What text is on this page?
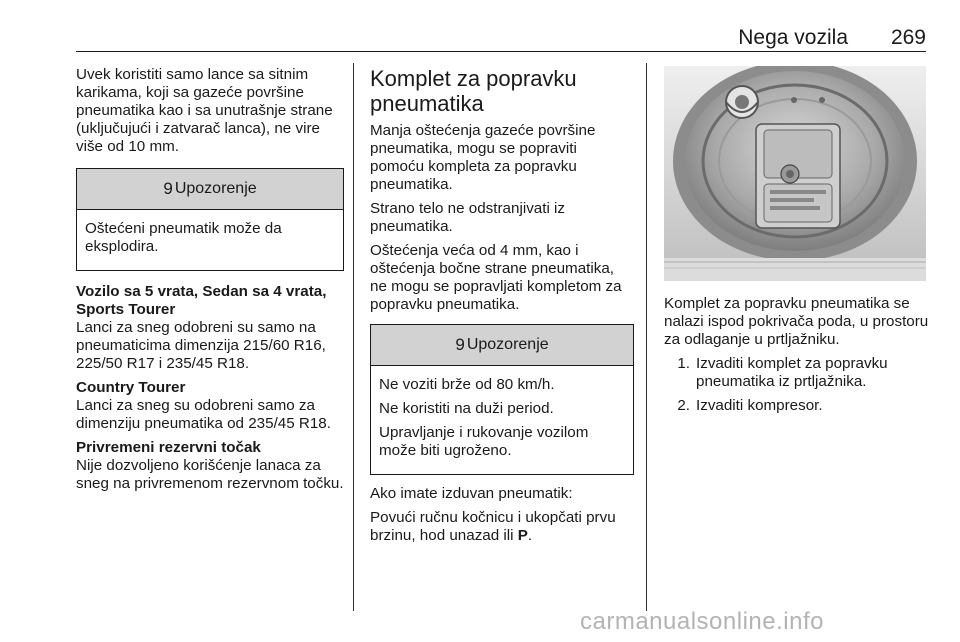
Nega vozila 269

Uvek koristiti samo lance sa sitnim karikama, koji sa gazeće površine pneumatika kao i sa unutrašnje strane (uključujući i zatvarač lanca), ne vire više od 10 mm.

9 Upozorenje

Oštećeni pneumatik može da eksplodira.

Vozilo sa 5 vrata, Sedan sa 4 vrata, Sports Tourer

Lanci za sneg odobreni su samo na pneumaticima dimenzija 215/60 R16, 225/50 R17 i 235/45 R18.

Country Tourer

Lanci za sneg su odobreni samo za dimenziju pneumatika od 235/45 R18.

Privremeni rezervni točak

Nije dozvoljeno korišćenje lanaca za sneg na privremenom rezervnom točku.

Komplet za popravku pneumatika

Manja oštećenja gazeće površine pneumatika, mogu se popraviti pomoću kompleta za popravku pneumatika.

Strano telo ne odstranjivati iz pneumatika.

Oštećenja veća od 4 mm, kao i oštećenja bočne strane pneumatika, ne mogu se popravljati kompletom za popravku pneumatika.

9 Upozorenje

Ne voziti brže od 80 km/h.

Ne koristiti na duži period.

Upravljanje i rukovanje vozilom može biti ugroženo.

Ako imate izduvan pneumatik:

Povući ručnu kočnicu i ukopčati prvu brzinu, hod unazad ili P.

Komplet za popravku pneumatika se nalazi ispod pokrivača poda, u prostoru za odlaganje u prtljažniku.

1. Izvaditi komplet za popravku pneumatika iz prtljažnika.
2. Izvaditi kompresor.
carmanualsonline.info
